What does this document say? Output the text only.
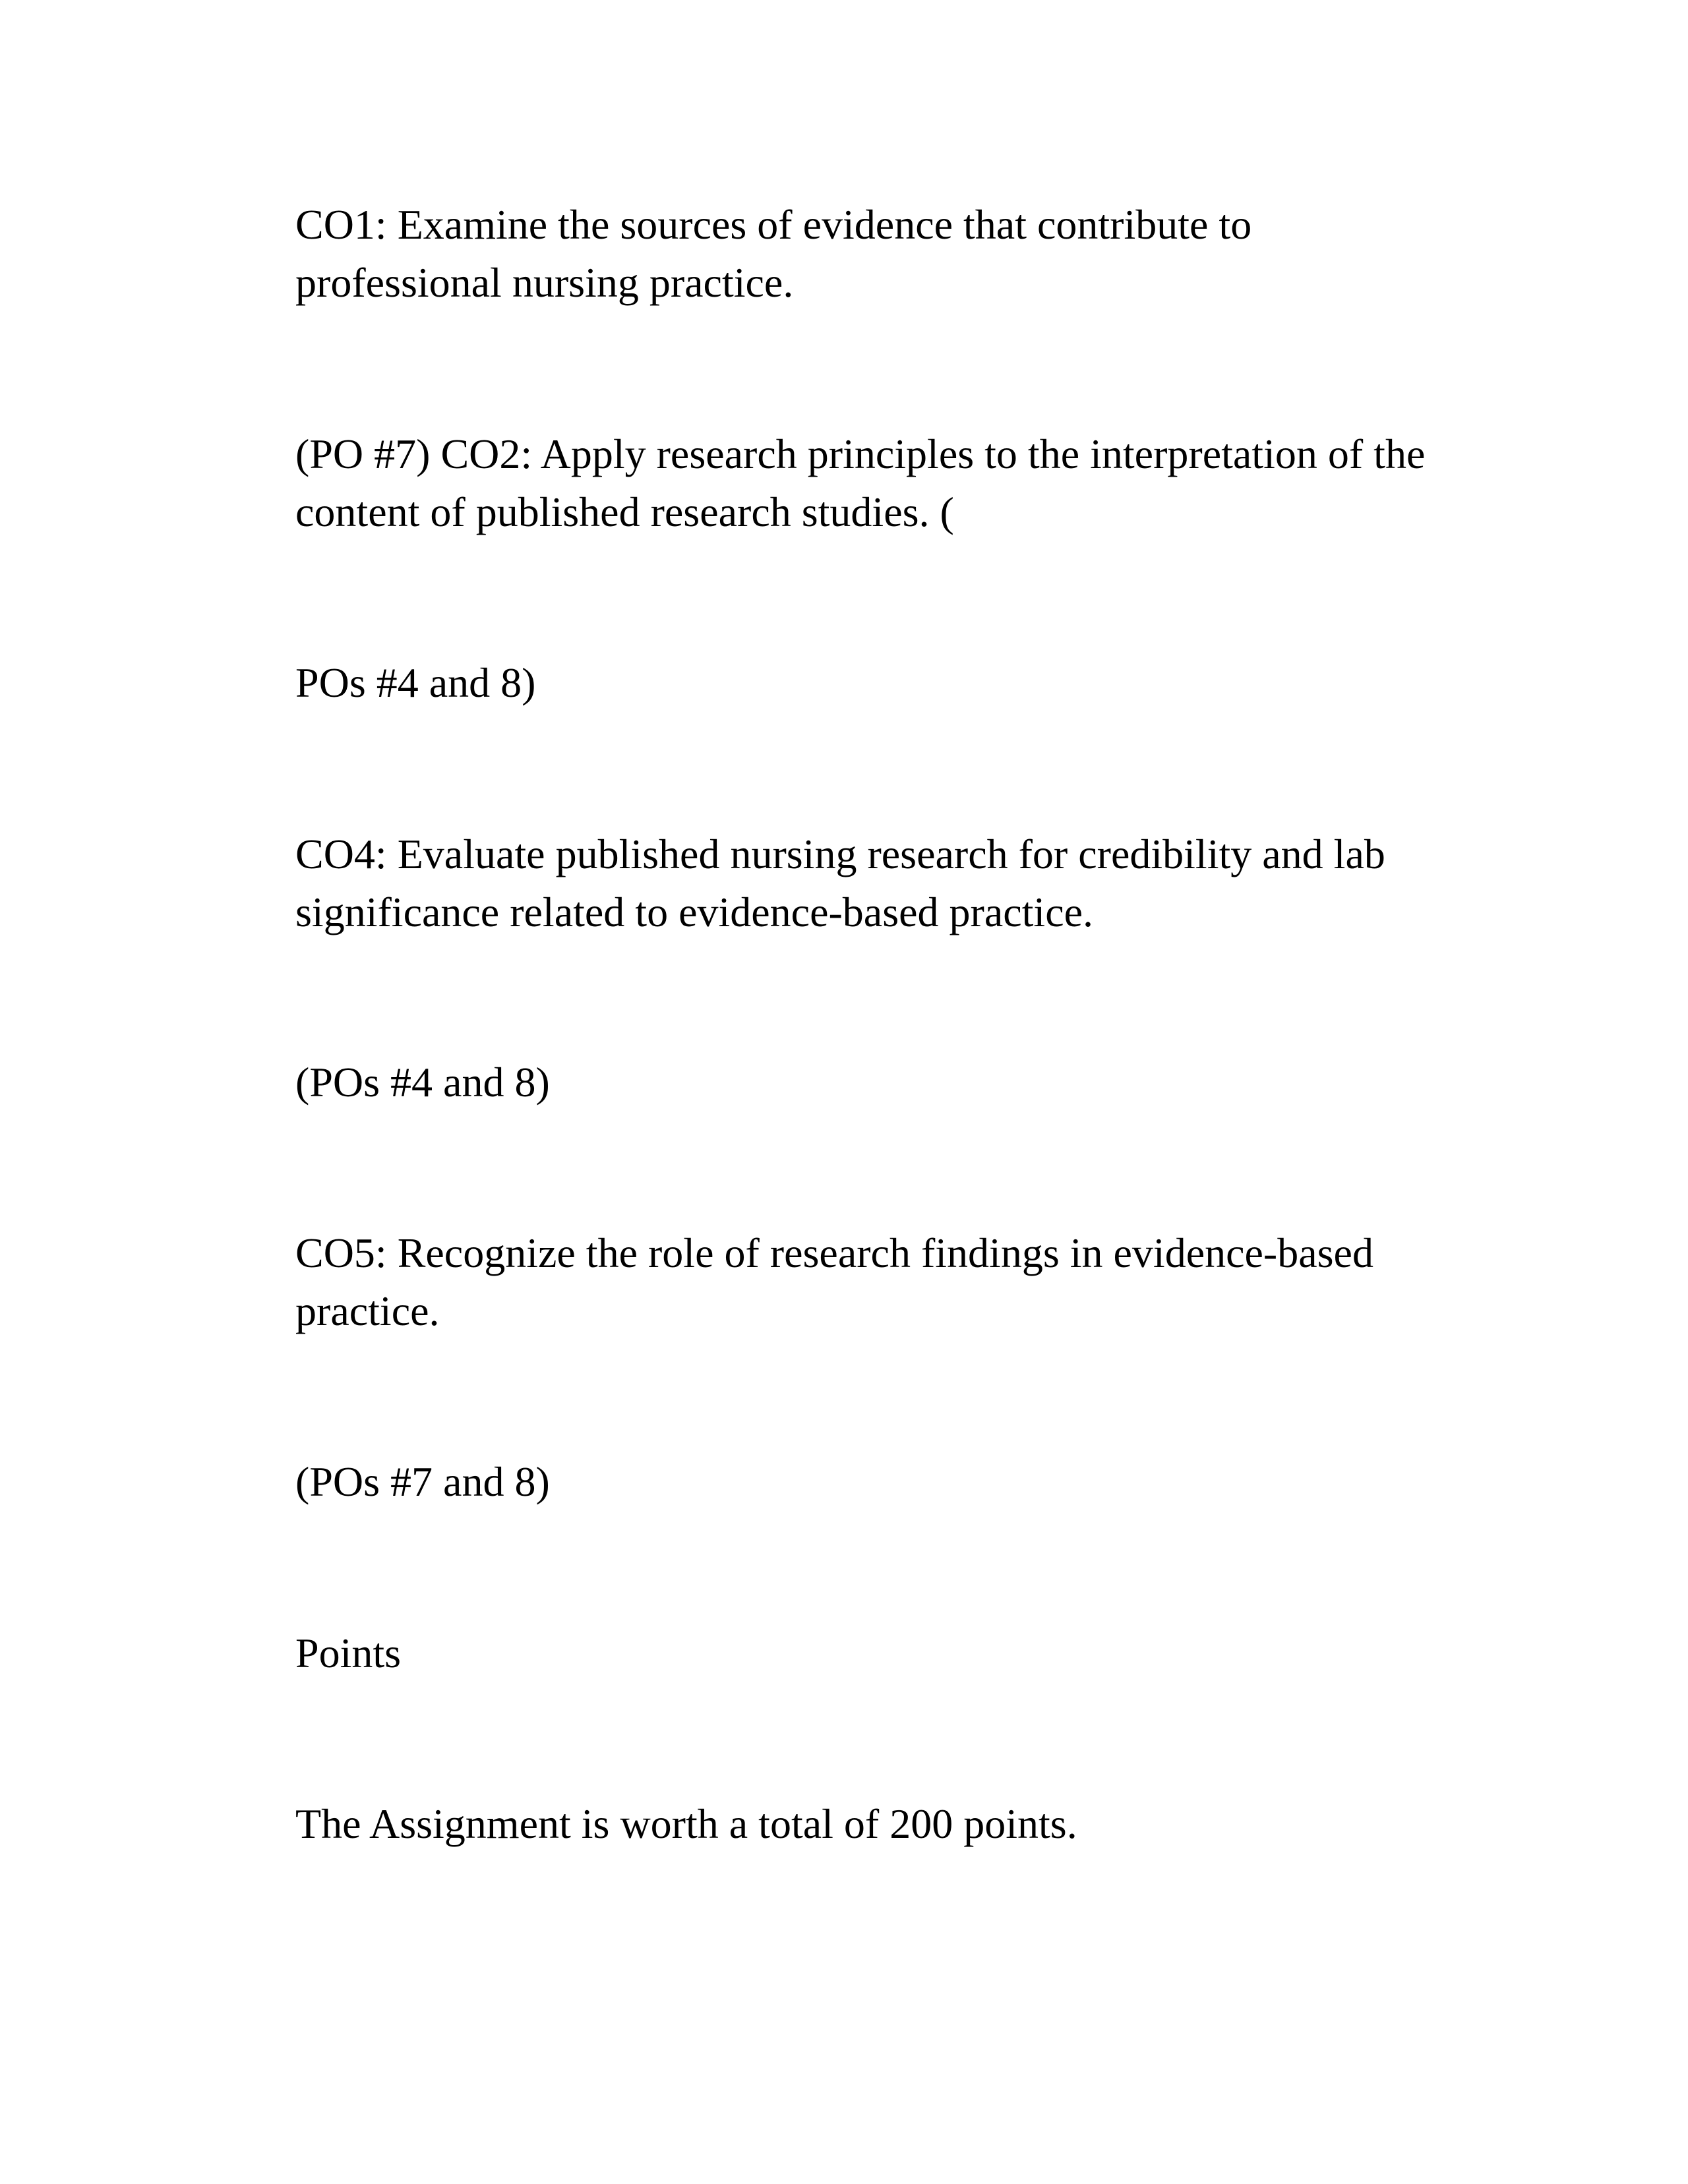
CO1: Examine the sources of evidence that contribute to
professional nursing practice.

(PO #7) CO2: Apply research principles to the interpretation of the
content of published research studies. (

POs #4 and 8)

CO4: Evaluate published nursing research for credibility and lab
significance related to evidence-based practice.

(POs #4 and 8)

CO5: Recognize the role of research findings in evidence-based
practice.

(POs #7 and 8)

Points

The Assignment is worth a total of 200 points.
